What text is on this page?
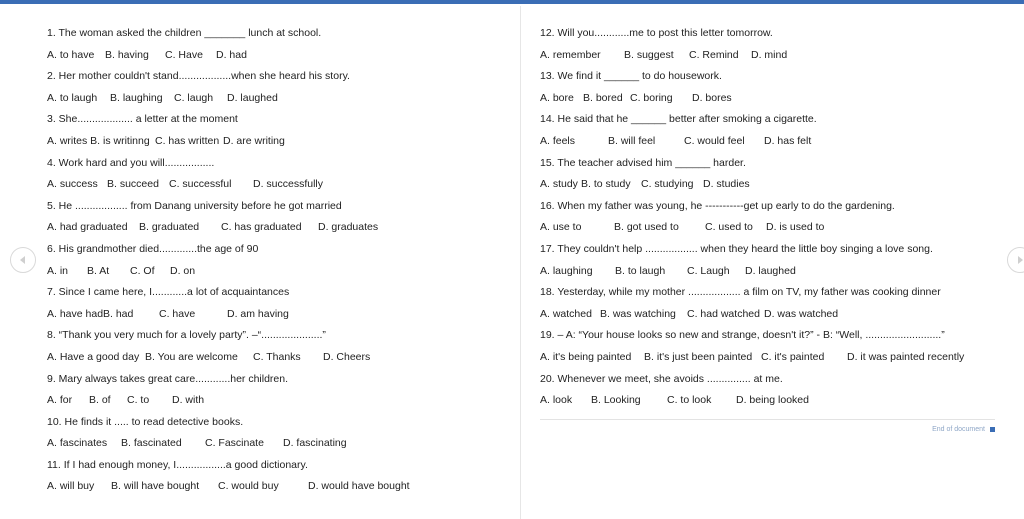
1. The woman asked the children _______ lunch at school.
A. to have B. having C. Have D. had
2. Her mother couldn't stand..................when she heard his story.
A. to laugh B. laughing C. laugh D. laughed
3. She................... a letter at the moment
A. writes B. is writinng C. has written D. are writing
4. Work hard and you will.................
A. success B. succeed C. successful D. successfully
5. He .................. from Danang university before he got married
A. had graduated B. graduated C. has graduated D. graduates
6. His grandmother died.............the age of 90
A. in B. At C. Of D. on
7. Since I came here, I............a lot of acquaintances
A. have had B. had C. have	D. am having
8. “Thank you very much for a lovely party”. –“.....................”
A. Have a good day B. You are welcome C. Thanks D. Cheers
9. Mary always takes great care............her children.
A. for B. of C. to D. with
10. He finds it ..... to read detective books.
A. fascinates B. fascinated C. Fascinate D. fascinating
11. If I had enough money, I.................a good dictionary.
A. will buy B. will have bought C. would buy	D. would have bought
12. Will you............me to post this letter tomorrow.
A. remember B. suggest C. Remind D. mind
13. We find it ______ to do housework.
A. bore B. bored C. boring D. bores
14. He said that he ______ better after smoking a cigarette.
A. feels	B. will feel	C. would feel D. has felt
15. The teacher advised him ______ harder.
A. study B. to study C. studying D. studies
16. When my father was young, he -----------get up early to do the gardening.
A. use to	B. got used to C. used to D. is used to
17. They couldn't help .................. when they heard the little boy singing a love song.
A. laughing B. to laugh C. Laugh D. laughed
18. Yesterday, while my mother .................. a film on TV, my father was cooking dinner
A. watched B. was watching C. had watched D. was watched
19. – A: “Your house looks so new and strange, doesn't it?” - B: “Well, ..........................”
A. it's being painted B. it's just been painted C. it's painted D. it was painted recently
20. Whenever we meet, she avoids ............... at me.
A. look B. Looking	C. to look D. being looked
End of document
